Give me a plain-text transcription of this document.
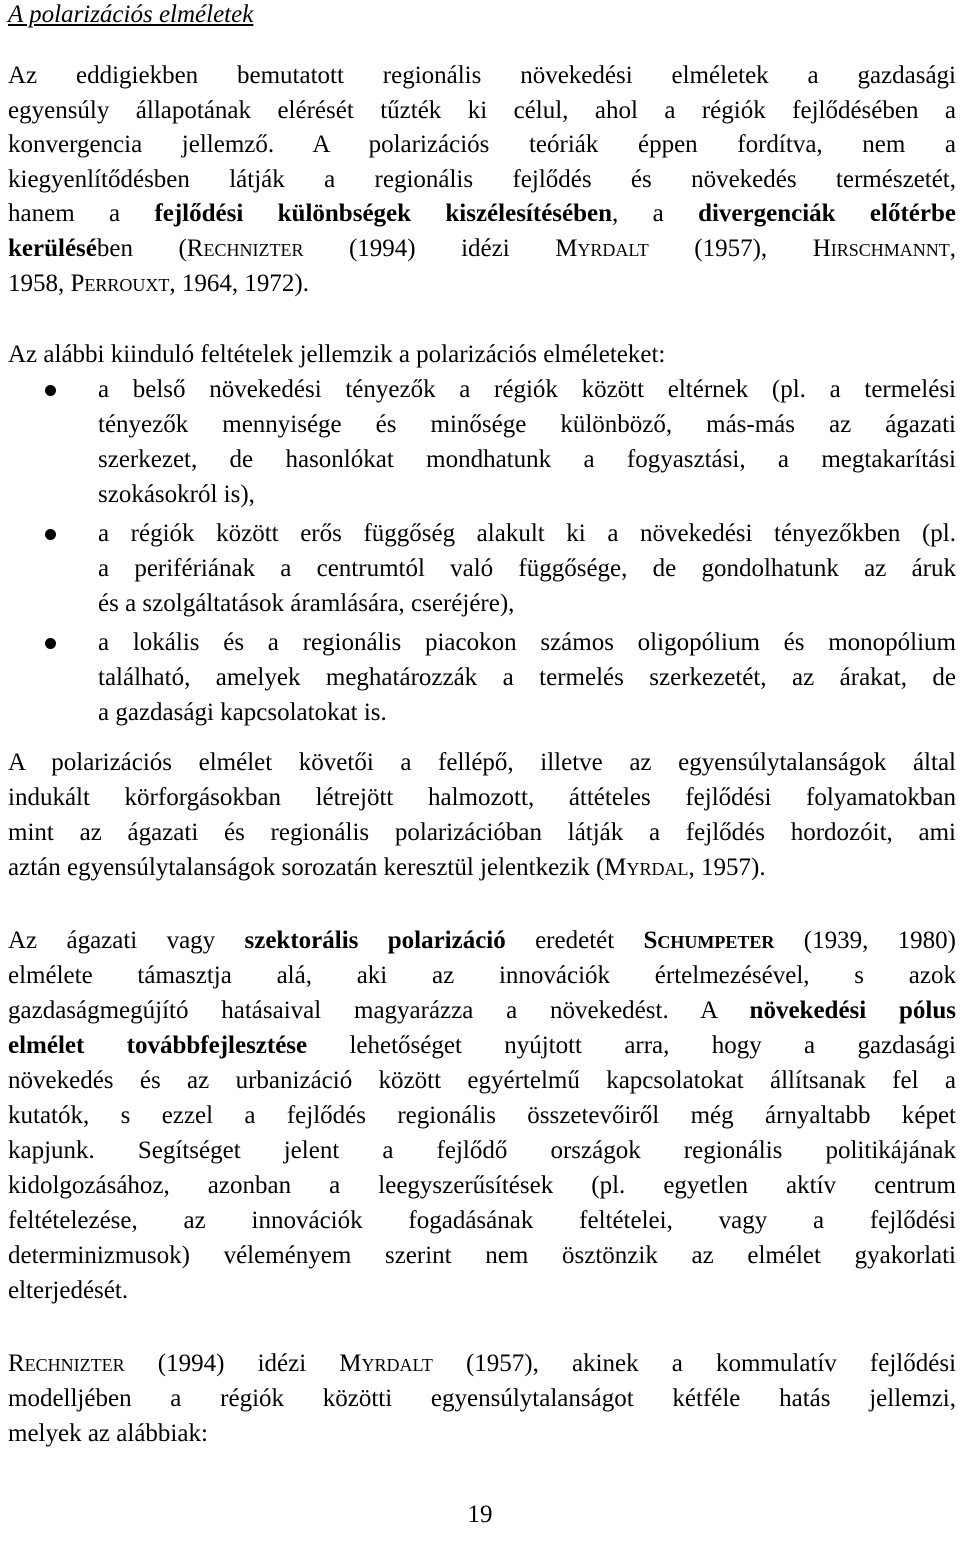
A polarizációs elméletek
Az eddigiekben bemutatott regionális növekedési elméletek a gazdasági
egyensúly állapotának elérését tűzték ki célul, ahol a régiók fejlődésében a
konvergencia jellemző. A polarizációs teóriák éppen fordítva, nem a
kiegyenlítődésben látják a regionális fejlődés és növekedés természetét,
hanem a fejlődési különbségek kiszélesítésében, a divergenciák előtérbe
kerülésében (Rechnizter (1994) idézi Myrdalt (1957), Hirschmannt,
1958, Perrouxt, 1964, 1972).
Az alábbi kiinduló feltételek jellemzik a polarizációs elméleteket:
a belső növekedési tényezők a régiók között eltérnek (pl. a termelési
tényezők mennyisége és minősége különböző, más-más az ágazati
szerkezet, de hasonlókat mondhatunk a fogyasztási, a megtakarítási
szokásokról is),
a régiók között erős függőség alakult ki a növekedési tényezőkben (pl.
a perifériának a centrumtól való függősége, de gondolhatunk az áruk
és a szolgáltatások áramlására, cseréjére),
a lokális és a regionális piacokon számos oligopólium és monopólium
található, amelyek meghatározzák a termelés szerkezetét, az árakat, de
a gazdasági kapcsolatokat is.
A polarizációs elmélet követői a fellépő, illetve az egyensúlytalanságok által
indukált körforgásokban létrejött halmozott, áttételes fejlődési folyamatokban
mint az ágazati és regionális polarizációban látják a fejlődés hordozóit, ami
aztán egyensúlytalanságok sorozatán keresztül jelentkezik (Myrdal, 1957).
Az ágazati vagy szektorális polarizáció eredetét Schumpeter (1939, 1980)
elmélete támasztja alá, aki az innovációk értelmezésével, s azok
gazdaságmegújító hatásaival magyarázza a növekedést. A növekedési pólus
elmélet továbbfejlesztése lehetőséget nyújtott arra, hogy a gazdasági
növekedés és az urbanizáció között egyértelmű kapcsolatokat állítsanak fel a
kutatók, s ezzel a fejlődés regionális összetevőiről még árnyaltabb képet
kapjunk. Segítséget jelent a fejlődő országok regionális politikájának
kidolgozásához, azonban a leegyszerűsítések (pl. egyetlen aktív centrum
feltételezése, az innovációk fogadásának feltételei, vagy a fejlődési
determinizmusok) véleményem szerint nem ösztönzik az elmélet gyakorlati
elterjedését.
Rechnizter (1994) idézi Myrdalt (1957), akinek a kommulatív fejlődési
modelljében a régiók közötti egyensúlytalanságot kétféle hatás jellemzi,
melyek az alábbiak:
19
